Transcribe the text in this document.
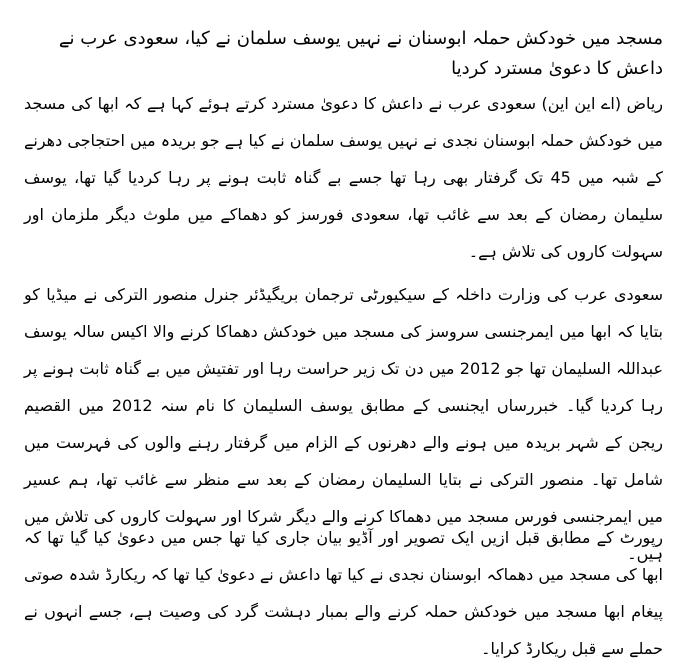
مسجد میں خودکش حملہ ابوسنان نے نہیں یوسف سلمان نے کیا، سعودی عرب نے داعش کا دعویٰ مسترد کردیا

ریاض (اے این این) سعودی عرب نے داعش کا دعویٰ مسترد کرتے ہوئے کہا ہے کہ ابھا کی مسجد میں خودکش حملہ ابوسنان نجدی نے نہیں یوسف سلمان نے کیا ہے جو بریدہ میں احتجاجی دھرنے کے شبہ میں 45 تک گرفتار بھی رہا تھا جسے بے گناہ ثابت ہونے پر رہا کردیا گیا تھا، یوسف سلیمان رمضان کے بعد سے غائب تھا، سعودی فورسز کو دھماکے میں ملوث دیگر ملزمان اور سہولت کاروں کی تلاش ہے۔

سعودی عرب کی وزارت داخلہ کے سیکیورٹی ترجمان بریگیڈئر جنرل منصور الترکی نے میڈیا کو بتایا کہ ابھا میں ایمرجنسی سروسز کی مسجد میں خودکش دھماکا کرنے والا اکیس سالہ یوسف عبداللہ السلیمان تھا جو 2012 میں دن تک زیر حراست رہا اور تفتیش میں بے گناہ ثابت ہونے پر رہا کردیا گیا۔ خبررساں ایجنسی کے مطابق یوسف السلیمان کا نام سنہ 2012 میں القصیم ریجن کے شہر بریدہ میں ہونے والے دھرنوں کے الزام میں گرفتار رہنے والوں کی فہرست میں شامل تھا۔ منصور الترکی نے بتایا السلیمان رمضان کے بعد سے منظر سے غائب تھا، ہم عسیر میں ایمرجنسی فورس مسجد میں دھماکا کرنے والے دیگر شرکا اور سہولت کاروں کی تلاش میں ہیں۔

رپورٹ کے مطابق قبل ازیں ایک تصویر اور آڈیو بیان جاری کیا تھا جس میں دعویٰ کیا گیا تھا کہ ابھا کی مسجد میں دھماکہ ابوسنان نجدی نے کیا تھا داعش نے دعویٰ کیا تھا کہ ریکارڈ شدہ صوتی پیغام ابھا مسجد میں خودکش حملہ کرنے والے بمبار دہشت گرد کی وصیت ہے، جسے انہوں نے حملے سے قبل ریکارڈ کرایا۔
